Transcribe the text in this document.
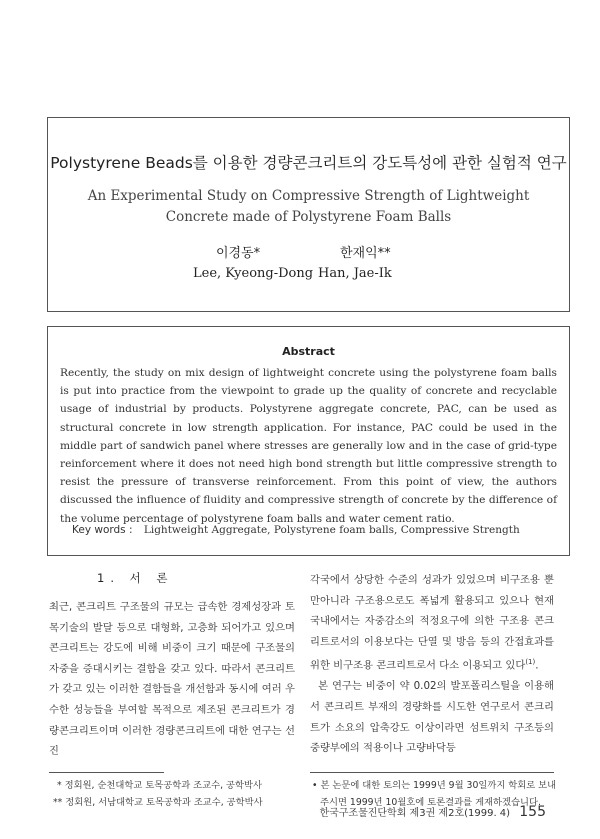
Polystyrene Beads를 이용한 경량콘크리트의 강도특성에 관한 실험적 연구
An Experimental Study on Compressive Strength of Lightweight
Concrete made of Polystyrene Foam Balls
이경동*	한재익**
Lee, Kyeong-Dong Han, Jae-Ik
Abstract
Recently, the study on mix design of lightweight concrete using the polystyrene foam balls is put into practice from the viewpoint to grade up the quality of concrete and recyclable usage of industrial by products. Polystyrene aggregate concrete, PAC, can be used as structural concrete in low strength application. For instance, PAC could be used in the middle part of sandwich panel where stresses are generally low and in the case of grid-type reinforcement where it does not need high bond strength but little compressive strength to resist the pressure of transverse reinforcement. From this point of view, the authors discussed the influence of fluidity and compressive strength of concrete by the difference of the volume percentage of polystyrene foam balls and water cement ratio.
Key words : Lightweight Aggregate, Polystyrene foam balls, Compressive Strength
1. 서 론
최근, 콘크리트 구조물의 규모는 급속한 경제성장과 토목기술의 발달 등으로 대형화, 고층화 되어가고 있으며 콘크리트는 강도에 비해 비중이 크기 때문에 구조물의 자중을 증대시키는 결함을 갖고 있다. 따라서 콘크리트가 갖고 있는 이러한 결함들을 개선함과 동시에 여러 우수한 성능들을 부여할 목적으로 제조된 콘크리트가 경량콘크리트이며 이러한 경량콘크리트에 대한 연구는 선진
각국에서 상당한 수준의 성과가 있었으며 비구조용 뿐만아니라 구조용으로도 폭넓게 활용되고 있으나 현재 국내에서는 자중감소의 적정요구에 의한 구조용 콘크리트로서의 이용보다는 단열 및 방음 등의 간접효과를 위한 비구조용 콘크리트로서 다소 이용되고 있다$^{(1)}$.
본 연구는 비중이 약 0.02의 발포폴리스틸을 이용해서 콘크리트 부재의 경량화를 시도한 연구로서 콘크리트가 소요의 압축강도 이상이라면 섬트위치 구조등의 중량부에의 적용이나 고량바닥등
* 정회원, 순천대학교 토목공학과 조교수, 공학박사
** 정회원, 서남대학교 토목공학과 조교수, 공학박사
• 본 논문에 대한 토의는 1999년 9월 30일까지 학회로 보내
주시면 1999년 10월호에 토론결과를 게재하겠습니다.
한국구조물진단학회 제3권 제2호(1999. 4) 155
